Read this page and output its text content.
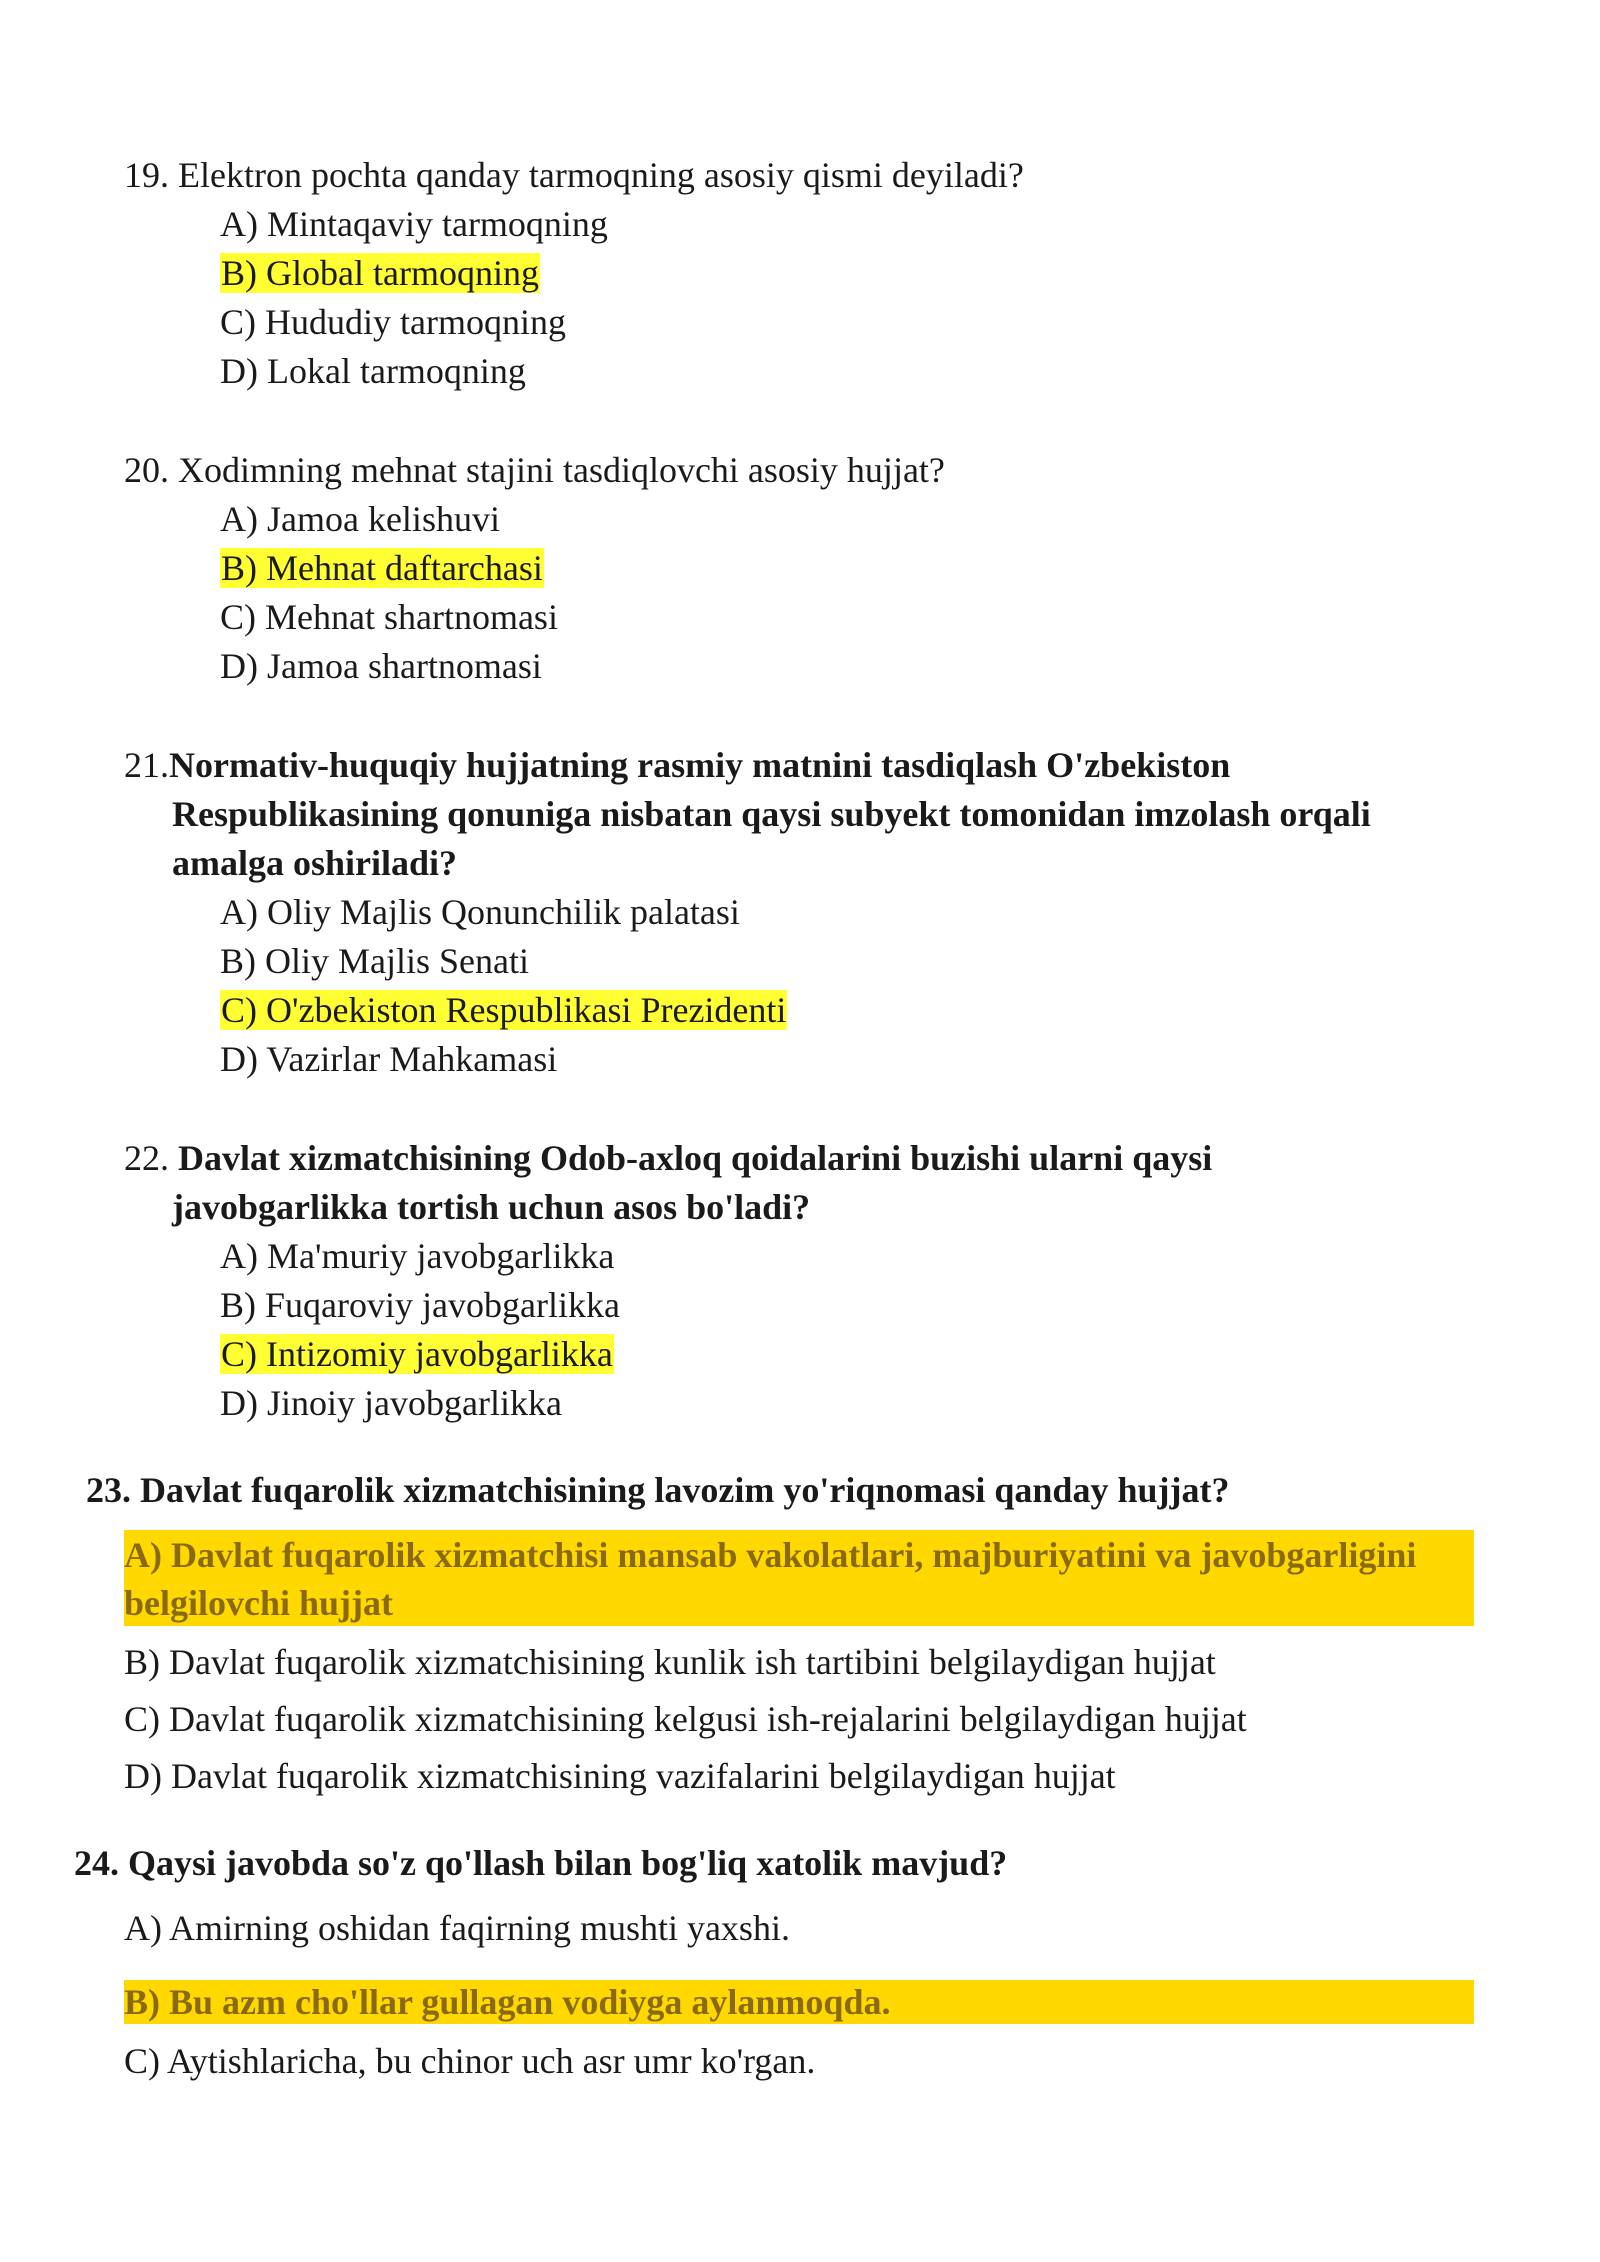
19. Elektron pochta qanday tarmoqning asosiy qismi deyiladi?
A) Mintaqaviy tarmoqning
B) Global tarmoqning
C) Hududiy tarmoqning
D) Lokal tarmoqning
20. Xodimning mehnat stajini tasdiqlovchi asosiy hujjat?
A) Jamoa kelishuvi
B) Mehnat daftarchasi
C) Mehnat shartnomasi
D) Jamoa shartnomasi
21.Normativ-huquqiy hujjatning rasmiy matnini tasdiqlash O'zbekiston
Respublikasining qonuniga nisbatan qaysi subyekt tomonidan imzolash orqali
amalga oshiriladi?
A) Oliy Majlis Qonunchilik palatasi
B) Oliy Majlis Senati
C) O'zbekiston Respublikasi Prezidenti
D) Vazirlar Mahkamasi
22. Davlat xizmatchisining Odob-axloq qoidalarini buzishi ularni qaysi
javobgarlikka tortish uchun asos bo'ladi?
A) Ma'muriy javobgarlikka
B) Fuqaroviy javobgarlikka
C) Intizomiy javobgarlikka
D) Jinoiy javobgarlikka
23. Davlat fuqarolik xizmatchisining lavozim yo'riqnomasi qanday hujjat?
A) Davlat fuqarolik xizmatchisi mansab vakolatlari, majburiyatini va javobgarligini
belgilovchi hujjat
B) Davlat fuqarolik xizmatchisining kunlik ish tartibini belgilaydigan hujjat
C) Davlat fuqarolik xizmatchisining kelgusi ish-rejalarini belgilaydigan hujjat
D) Davlat fuqarolik xizmatchisining vazifalarini belgilaydigan hujjat
24. Qaysi javobda so'z qo'llash bilan bog'liq xatolik mavjud?
A) Amirning oshidan faqirning mushti yaxshi.
B) Bu azm cho'llar gullagan vodiyga aylanmoqda.
C) Aytishlaricha, bu chinor uch asr umr ko'rgan.
